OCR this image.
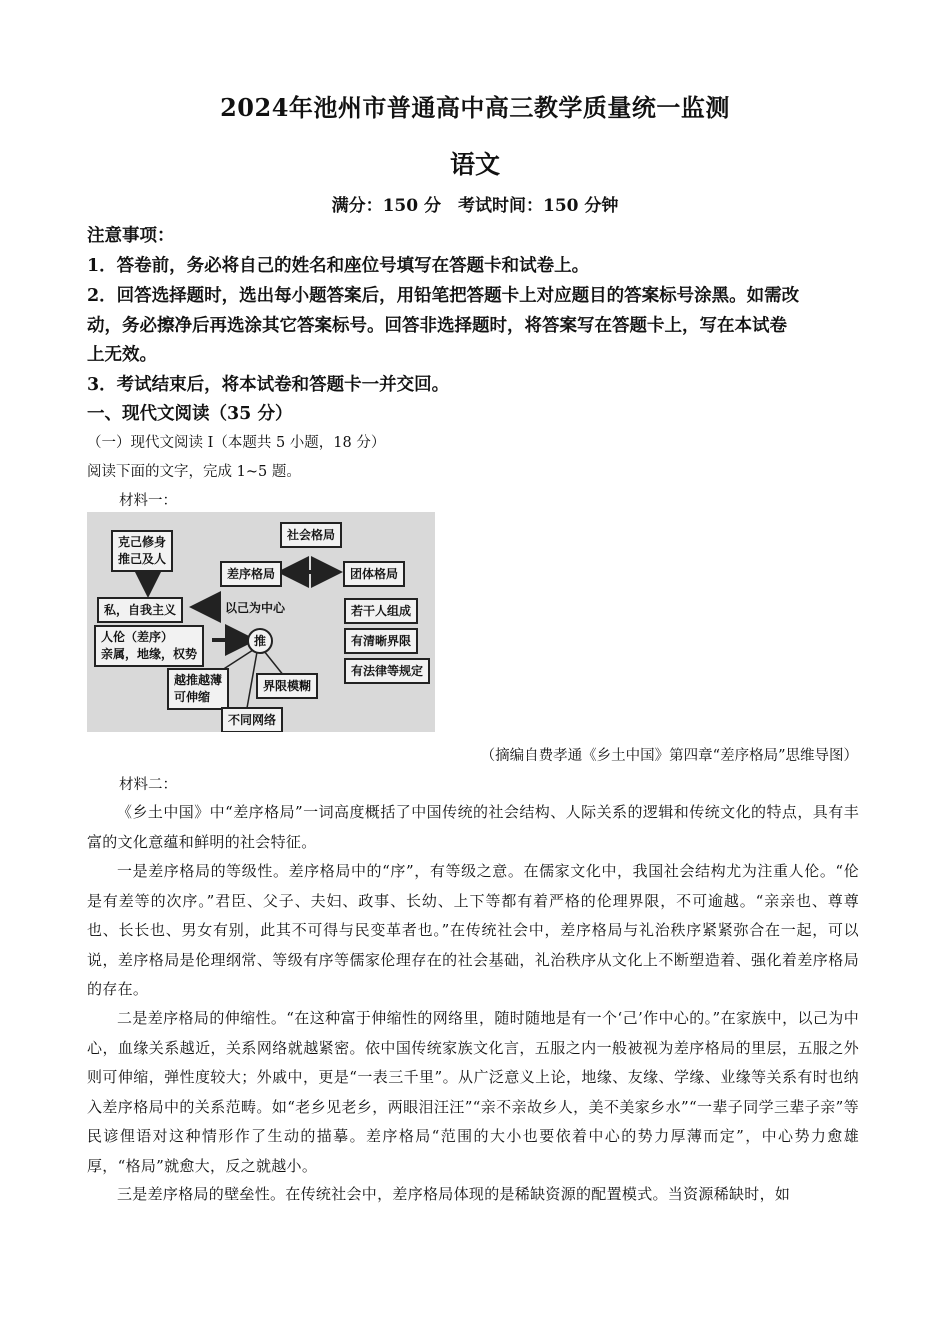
2024年池州市普通高中高三教学质量统一监测
语文
满分：150 分　考试时间：150 分钟
注意事项：
1．答卷前，务必将自己的姓名和座位号填写在答题卡和试卷上。
2．回答选择题时，选出每小题答案后，用铅笔把答题卡上对应题目的答案标号涂黑。如需改
动，务必擦净后再选涂其它答案标号。回答非选择题时，将答案写在答题卡上，写在本试卷
上无效。
3．考试结束后，将本试卷和答题卡一并交回。
一、现代文阅读（35 分）
（一）现代文阅读 I（本题共 5 小题，18 分）
阅读下面的文字，完成 1~5 题。
材料一：
社会格局
克己修身
推己及人
差序格局	团体格局
私，自我主义	以己为中心	若干人组成
人伦（差序）
亲属，地缘，权势
推	有清晰界限
有法律等规定
越推越薄
可伸缩
界限模糊
不同网络
（摘编自费孝通《乡土中国》第四章“差序格局”思维导图）
材料二：
《乡土中国》中“差序格局”一词高度概括了中国传统的社会结构、人际关系的逻辑和传统文化的特点，具有丰富的文化意蕴和鲜明的社会特征。
一是差序格局的等级性。差序格局中的“序”，有等级之意。在儒家文化中，我国社会结构尤为注重人伦。“伦是有差等的次序。”君臣、父子、夫妇、政事、长幼、上下等都有着严格的伦理界限，不可逾越。“亲亲也、尊尊也、长长也、男女有别，此其不可得与民变革者也。”在传统社会中，差序格局与礼治秩序紧紧弥合在一起，可以说，差序格局是伦理纲常、等级有序等儒家伦理存在的社会基础，礼治秩序从文化上不断塑造着、强化着差序格局的存在。
二是差序格局的伸缩性。“在这种富于伸缩性的网络里，随时随地是有一个‘己’作中心的。”在家族中，以己为中心，血缘关系越近，关系网络就越紧密。依中国传统家族文化言，五服之内一般被视为差序格局的里层，五服之外则可伸缩，弹性度较大；外戚中，更是“一表三千里”。从广泛意义上论，地缘、友缘、学缘、业缘等关系有时也纳入差序格局中的关系范畴。如“老乡见老乡，两眼泪汪汪”“亲不亲故乡人，美不美家乡水”“一辈子同学三辈子亲”等民谚俚语对这种情形作了生动的描摹。差序格局“范围的大小也要依着中心的势力厚薄而定”，中心势力愈雄厚，“格局”就愈大，反之就越小。
三是差序格局的壁垒性。在传统社会中，差序格局体现的是稀缺资源的配置模式。当资源稀缺时，如
